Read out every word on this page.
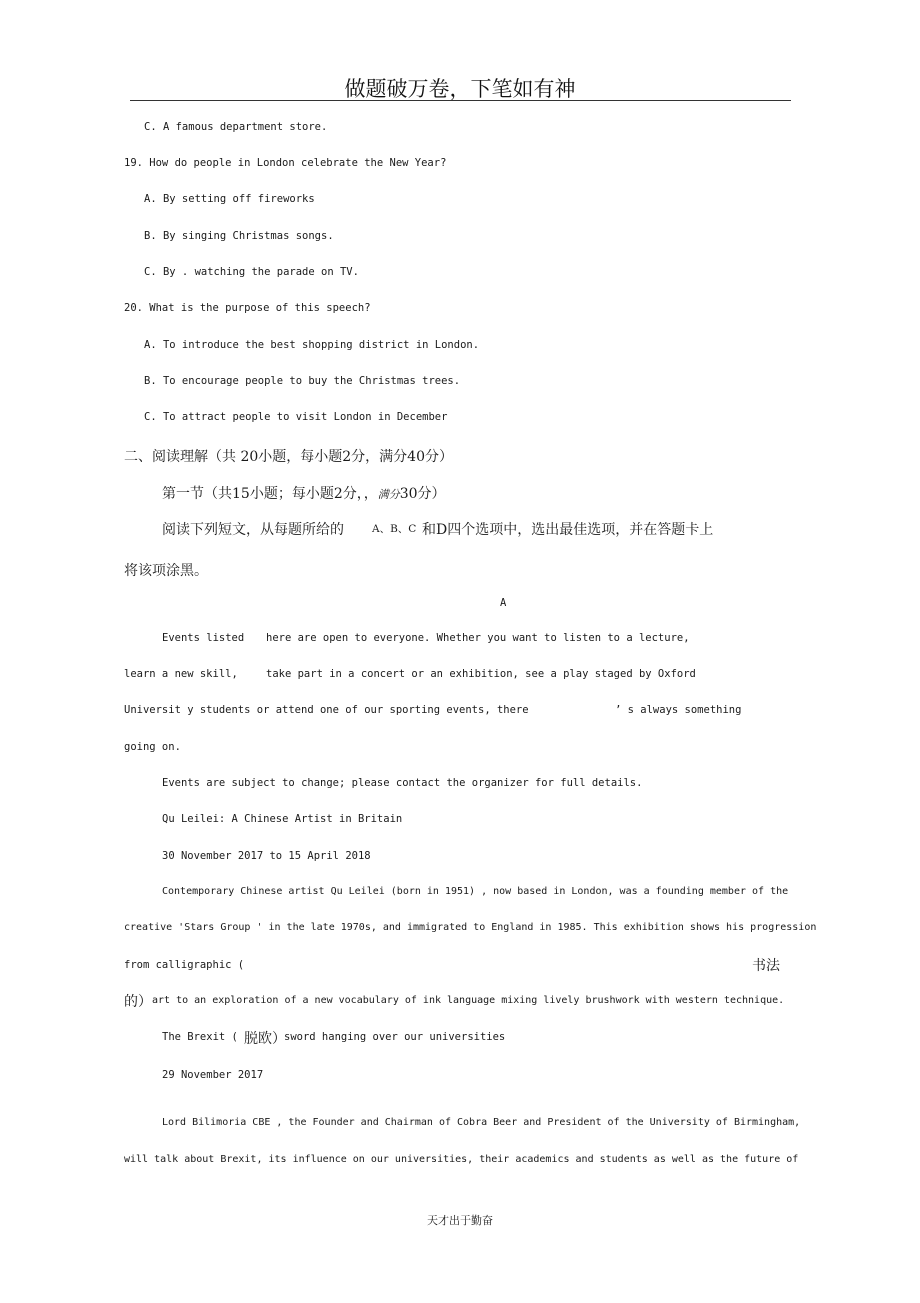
做题破万卷，下笔如有神
C. A famous department store.
19. How do people in London celebrate the New Year?
A. By setting off fireworks
B. By singing Christmas songs.
C. By . watching the parade on TV.
20. What is the purpose of this speech?
A. To introduce the best shopping district in London.
B. To encourage people to buy the Christmas trees.
C. To attract people to visit London in December
二、阅读理解（共 20小题，每小题2分，满分40分）
第一节（共15小题；每小题2分，，满分30分）
阅读下列短文，从每题所给的	A、B、C 和D四个选项中，选出最佳选项，并在答题卡上
将该项涂黑。
A
Events listed here are open to everyone. Whether you want to listen to a lecture,
learn a new skill,	take part in a concert or an exhibition, see a play staged by Oxford
Universit y students or attend one of our sporting events, there	’ s always something
going on.
Events are subject to change; please contact the organizer for full details.
Qu Leilei: A Chinese Artist in Britain
30 November 2017 to 15 April 2018
Contemporary Chinese artist Qu Leilei (born in 1951) , now based in London, was a founding member of the
creative 'Stars Group ' in the late 1970s, and immigrated to England in 1985. This exhibition shows his progression
from calligraphic (	书法
的） art to an exploration of a new vocabulary of ink language mixing lively brushwork with western technique.
The Brexit ( 脱欧）
sword hanging over our universities
29 November 2017
Lord Bilimoria CBE , the Founder and Chairman of Cobra Beer and President of the University of Birmingham,
will talk about Brexit, its influence on our universities, their academics and students as well as the future of
天才出于勤奋
